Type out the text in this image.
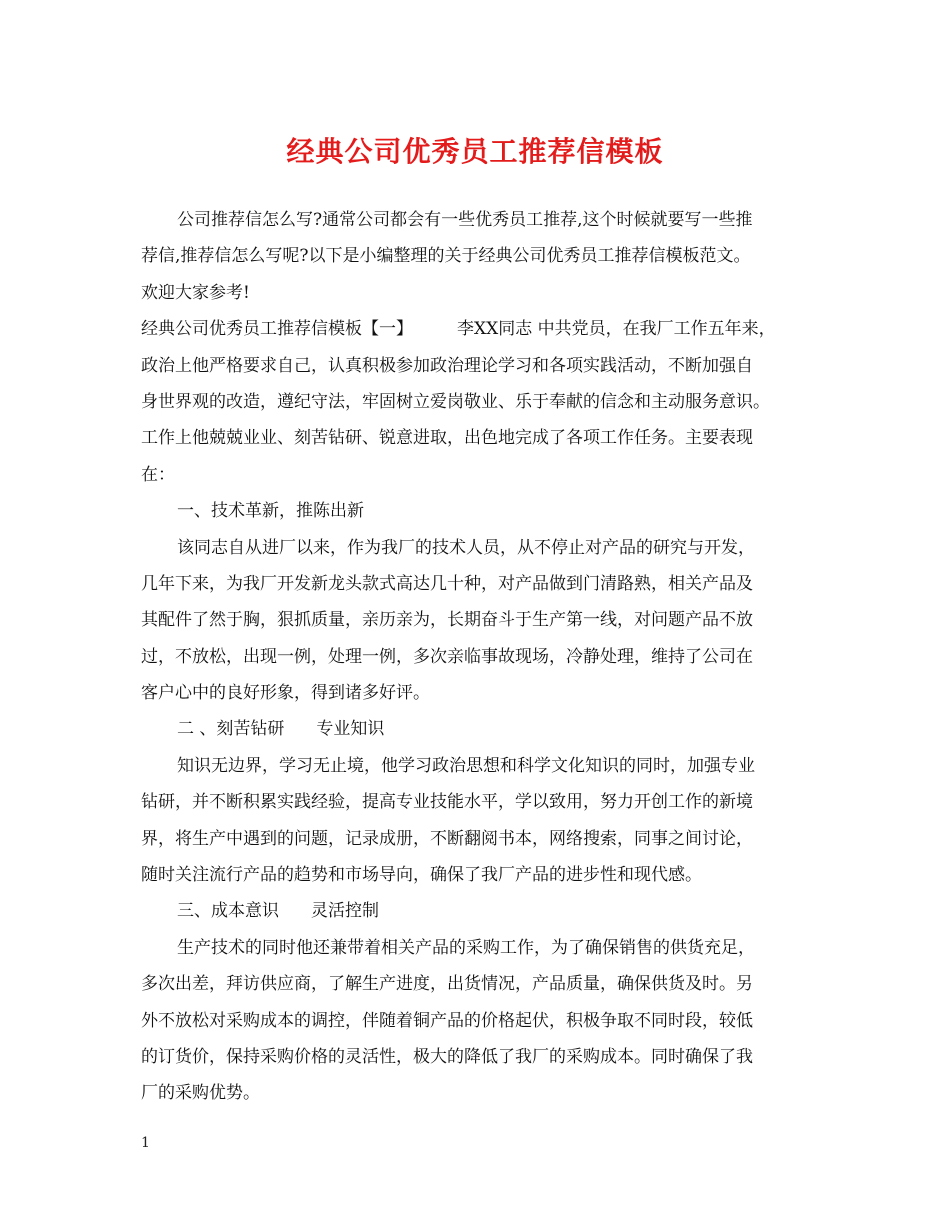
经典公司优秀员工推荐信模板
公司推荐信怎么写?通常公司都会有一些优秀员工推荐,这个时候就要写一些推
荐信,推荐信怎么写呢?以下是小编整理的关于经典公司优秀员工推荐信模板范文。
欢迎大家参考!
经典公司优秀员工推荐信模板【一】	李XX同志 中共党员，在我厂工作五年来，
政治上他严格要求自己，认真积极参加政治理论学习和各项实践活动，不断加强自
身世界观的改造，遵纪守法，牢固树立爱岗敬业、乐于奉献的信念和主动服务意识。
工作上他兢兢业业、刻苦钻研、锐意进取，出色地完成了各项工作任务。主要表现
在：
一、技术革新，推陈出新
该同志自从进厂以来，作为我厂的技术人员，从不停止对产品的研究与开发，
几年下来，为我厂开发新龙头款式高达几十种，对产品做到门清路熟，相关产品及
其配件了然于胸，狠抓质量，亲历亲为，长期奋斗于生产第一线，对问题产品不放
过，不放松，出现一例，处理一例，多次亲临事故现场，冷静处理，维持了公司在
客户心中的良好形象，得到诸多好评。
二 、刻苦钻研 专业知识
知识无边界，学习无止境，他学习政治思想和科学文化知识的同时，加强专业
钻研，并不断积累实践经验，提高专业技能水平，学以致用，努力开创工作的新境
界，将生产中遇到的问题，记录成册，不断翻阅书本，网络搜索，同事之间讨论，
随时关注流行产品的趋势和市场导向，确保了我厂产品的进步性和现代感。
三、成本意识 灵活控制
生产技术的同时他还兼带着相关产品的采购工作，为了确保销售的供货充足，
多次出差，拜访供应商，了解生产进度，出货情况，产品质量，确保供货及时。另
外不放松对采购成本的调控，伴随着铜产品的价格起伏，积极争取不同时段，较低
的订货价，保持采购价格的灵活性，极大的降低了我厂的采购成本。同时确保了我
厂的采购优势。
1
